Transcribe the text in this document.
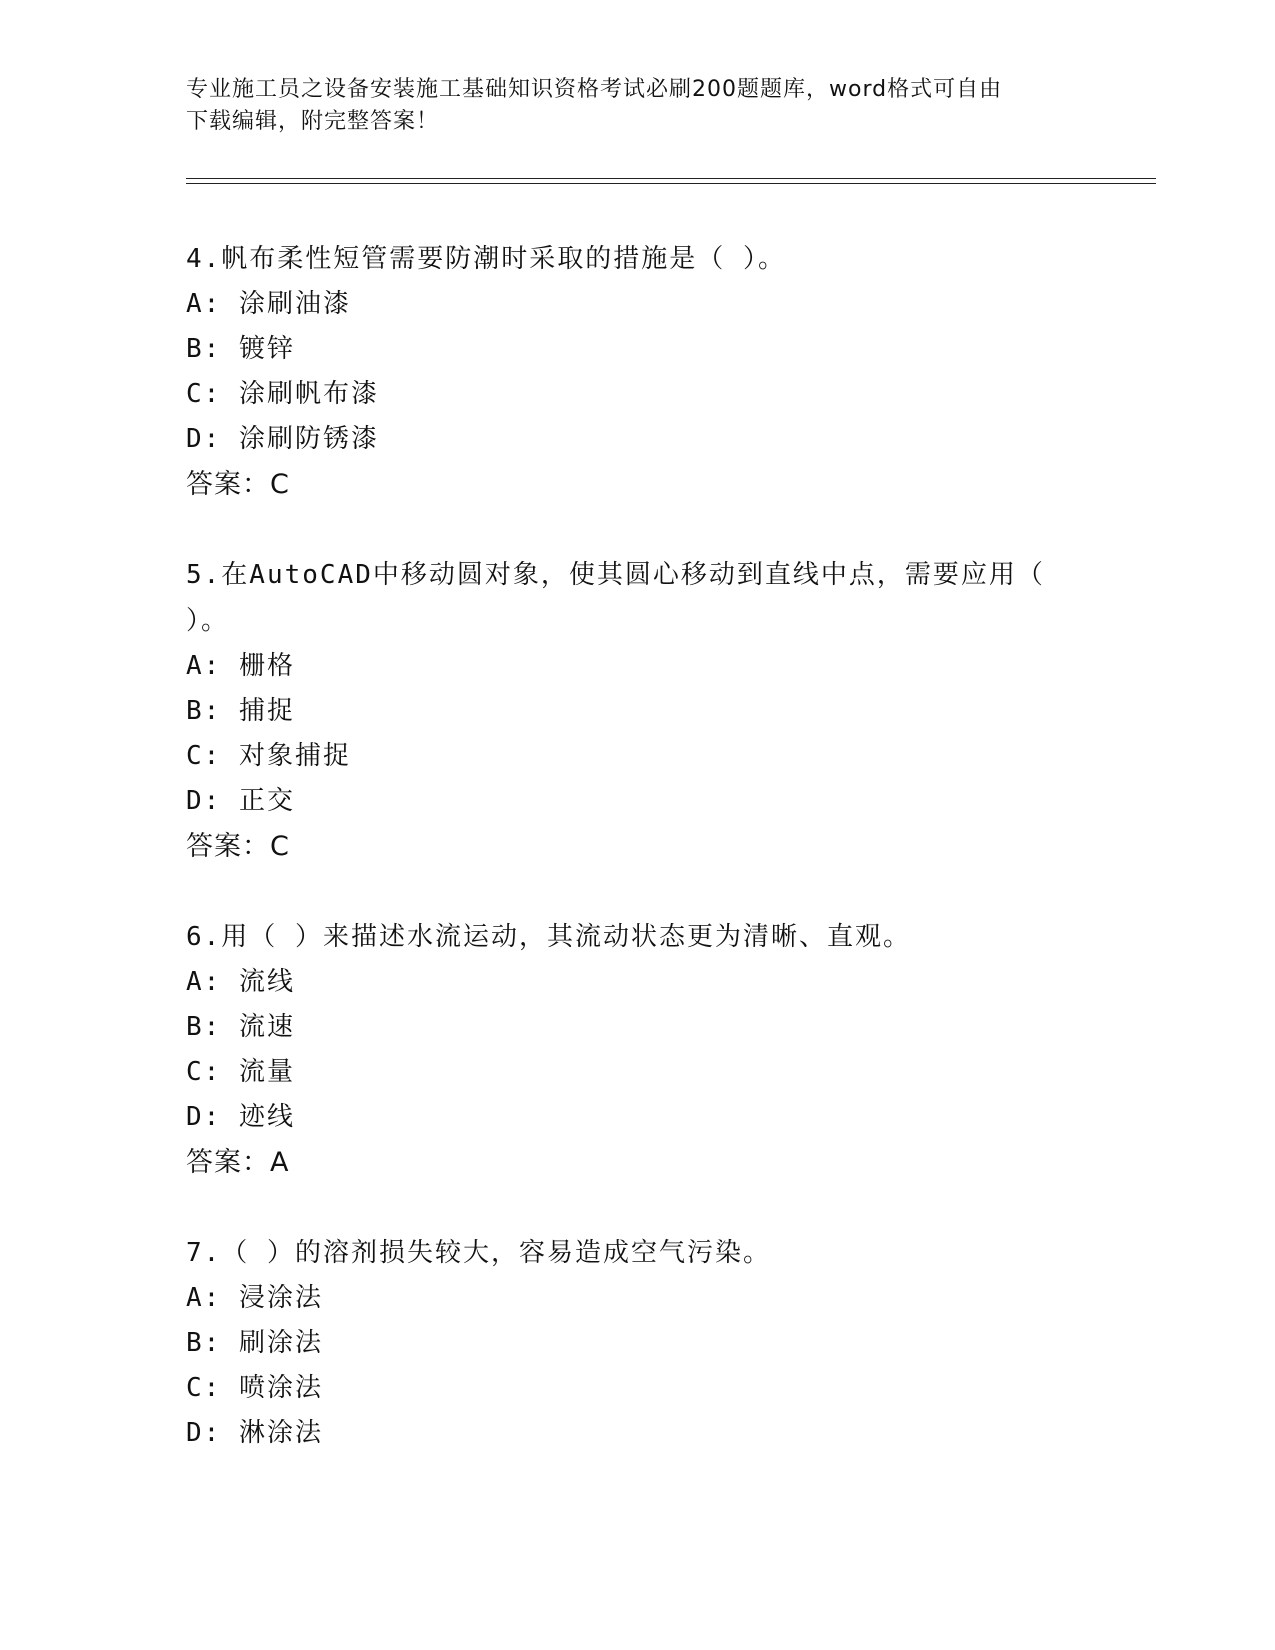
专业施工员之设备安装施工基础知识资格考试必刷200题题库，word格式可自由
下载编辑，附完整答案！
4.帆布柔性短管需要防潮时采取的措施是（ ）。
A: 涂刷油漆
B: 镀锌
C: 涂刷帆布漆
D: 涂刷防锈漆
答案：C
5.在AutoCAD中移动圆对象，使其圆心移动到直线中点，需要应用（ ）。
A: 栅格
B: 捕捉
C: 对象捕捉
D: 正交
答案：C
6.用（ ）来描述水流运动，其流动状态更为清晰、直观。
A: 流线
B: 流速
C: 流量
D: 迹线
答案：A
7.（ ）的溶剂损失较大，容易造成空气污染。
A: 浸涂法
B: 刷涂法
C: 喷涂法
D: 淋涂法
